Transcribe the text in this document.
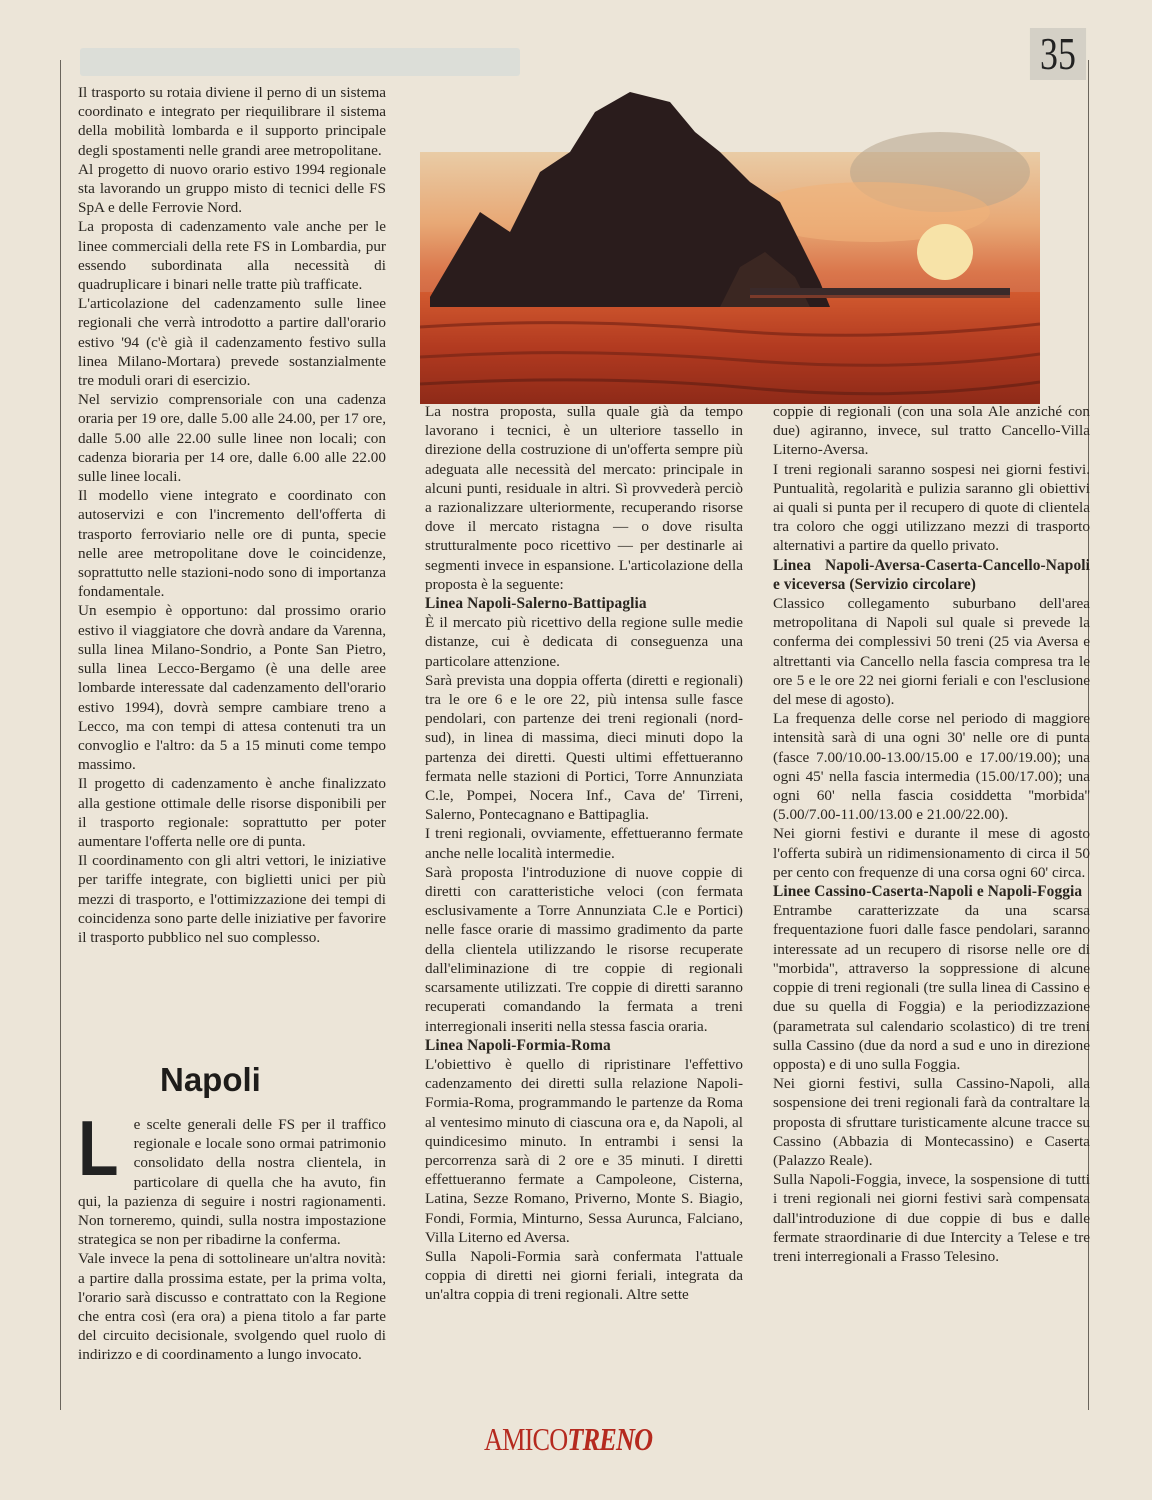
35

Il trasporto su rotaia diviene il perno di un sistema coordinato e integrato per riequilibrare il sistema della mobilità lombarda e il supporto principale degli spostamenti nelle grandi aree metropolitane.

Al progetto di nuovo orario estivo 1994 regionale sta lavorando un gruppo misto di tecnici delle FS SpA e delle Ferrovie Nord.

La proposta di cadenzamento vale anche per le linee commerciali della rete FS in Lombardia, pur essendo subordinata alla necessità di quadruplicare i binari nelle tratte più trafficate.

L'articolazione del cadenzamento sulle linee regionali che verrà introdotto a partire dall'orario estivo '94 (c'è già il cadenzamento festivo sulla linea Milano-Mortara) prevede sostanzialmente tre moduli orari di esercizio.

Nel servizio comprensoriale con una cadenza oraria per 19 ore, dalle 5.00 alle 24.00, per 17 ore, dalle 5.00 alle 22.00 sulle linee non locali; con cadenza bioraria per 14 ore, dalle 6.00 alle 22.00 sulle linee locali.

Il modello viene integrato e coordinato con autoservizi e con l'incremento dell'offerta di trasporto ferroviario nelle ore di punta, specie nelle aree metropolitane dove le coincidenze, soprattutto nelle stazioni-nodo sono di importanza fondamentale.

Un esempio è opportuno: dal prossimo orario estivo il viaggiatore che dovrà andare da Varenna, sulla linea Milano-Sondrio, a Ponte San Pietro, sulla linea Lecco-Bergamo (è una delle aree lombarde interessate dal cadenzamento dell'orario estivo 1994), dovrà sempre cambiare treno a Lecco, ma con tempi di attesa contenuti tra un convoglio e l'altro: da 5 a 15 minuti come tempo massimo.

Il progetto di cadenzamento è anche finalizzato alla gestione ottimale delle risorse disponibili per il trasporto regionale: soprattutto per poter aumentare l'offerta nelle ore di punta.

Il coordinamento con gli altri vettori, le iniziative per tariffe integrate, con biglietti unici per più mezzi di trasporto, e l'ottimizzazione dei tempi di coincidenza sono parte delle iniziative per favorire il trasporto pubblico nel suo complesso.

Napoli

Le scelte generali delle FS per il traffico regionale e locale sono ormai patrimonio consolidato della nostra clientela, in particolare di quella che ha avuto, fin qui, la pazienza di seguire i nostri ragionamenti. Non torneremo, quindi, sulla nostra impostazione strategica se non per ribadirne la conferma.

Vale invece la pena di sottolineare un'altra novità: a partire dalla prossima estate, per la prima volta, l'orario sarà discusso e contrattato con la Regione che entra così (era ora) a piena titolo a far parte del circuito decisionale, svolgendo quel ruolo di indirizzo e di coordinamento a lungo invocato.

La nostra proposta, sulla quale già da tempo lavorano i tecnici, è un ulteriore tassello in direzione della costruzione di un'offerta sempre più adeguata alle necessità del mercato: principale in alcuni punti, residuale in altri. Sì provvederà perciò a razionalizzare ulteriormente, recuperando risorse dove il mercato ristagna — o dove risulta strutturalmente poco ricettivo — per destinarle ai segmenti invece in espansione. L'articolazione della proposta è la seguente:

Linea Napoli-Salerno-Battipaglia

È il mercato più ricettivo della regione sulle medie distanze, cui è dedicata di conseguenza una particolare attenzione.

Sarà prevista una doppia offerta (diretti e regionali) tra le ore 6 e le ore 22, più intensa sulle fasce pendolari, con partenze dei treni regionali (nord-sud), in linea di massima, dieci minuti dopo la partenza dei diretti. Questi ultimi effettueranno fermata nelle stazioni di Portici, Torre Annunziata C.le, Pompei, Nocera Inf., Cava de' Tirreni, Salerno, Pontecagnano e Battipaglia.

I treni regionali, ovviamente, effettueranno fermate anche nelle località intermedie.

Sarà proposta l'introduzione di nuove coppie di diretti con caratteristiche veloci (con fermata esclusivamente a Torre Annunziata C.le e Portici) nelle fasce orarie di massimo gradimento da parte della clientela utilizzando le risorse recuperate dall'eliminazione di tre coppie di regionali scarsamente utilizzati. Tre coppie di diretti saranno recuperati comandando la fermata a treni interregionali inseriti nella stessa fascia oraria.

Linea Napoli-Formia-Roma

L'obiettivo è quello di ripristinare l'effettivo cadenzamento dei diretti sulla relazione Napoli-Formia-Roma, programmando le partenze da Roma al ventesimo minuto di ciascuna ora e, da Napoli, al quindicesimo minuto. In entrambi i sensi la percorrenza sarà di 2 ore e 35 minuti. I diretti effettueranno fermate a Campoleone, Cisterna, Latina, Sezze Romano, Priverno, Monte S. Biagio, Fondi, Formia, Minturno, Sessa Aurunca, Falciano, Villa Literno ed Aversa.

Sulla Napoli-Formia sarà confermata l'attuale coppia di diretti nei giorni feriali, integrata da un'altra coppia di treni regionali. Altre sette

coppie di regionali (con una sola Ale anziché con due) agiranno, invece, sul tratto Cancello-Villa Literno-Aversa.

I treni regionali saranno sospesi nei giorni festivi. Puntualità, regolarità e pulizia saranno gli obiettivi ai quali si punta per il recupero di quote di clientela tra coloro che oggi utilizzano mezzi di trasporto alternativi a partire da quello privato.

Linea Napoli-Aversa-Caserta-Cancello-Napoli e viceversa (Servizio circolare)

Classico collegamento suburbano dell'area metropolitana di Napoli sul quale si prevede la conferma dei complessivi 50 treni (25 via Aversa e altrettanti via Cancello nella fascia compresa tra le ore 5 e le ore 22 nei giorni feriali e con l'esclusione del mese di agosto).

La frequenza delle corse nel periodo di maggiore intensità sarà di una ogni 30' nelle ore di punta (fasce 7.00/10.00-13.00/15.00 e 17.00/19.00); una ogni 45' nella fascia intermedia (15.00/17.00); una ogni 60' nella fascia cosiddetta ''morbida'' (5.00/7.00-11.00/13.00 e 21.00/22.00).

Nei giorni festivi e durante il mese di agosto l'offerta subirà un ridimensionamento di circa il 50 per cento con frequenze di una corsa ogni 60' circa.

Linee Cassino-Caserta-Napoli e Napoli-Foggia

Entrambe caratterizzate da una scarsa frequentazione fuori dalle fasce pendolari, saranno interessate ad un recupero di risorse nelle ore di ''morbida'', attraverso la soppressione di alcune coppie di treni regionali (tre sulla linea di Cassino e due su quella di Foggia) e la periodizzazione (parametrata sul calendario scolastico) di tre treni sulla Cassino (due da nord a sud e uno in direzione opposta) e di uno sulla Foggia.

Nei giorni festivi, sulla Cassino-Napoli, alla sospensione dei treni regionali farà da contraltare la proposta di sfruttare turisticamente alcune tracce su Cassino (Abbazia di Montecassino) e Caserta (Palazzo Reale).

Sulla Napoli-Foggia, invece, la sospensione di tutti i treni regionali nei giorni festivi sarà compensata dall'introduzione di due coppie di bus e dalle fermate straordinarie di due Intercity a Telese e tre treni interregionali a Frasso Telesino.

AMICOTRENO
